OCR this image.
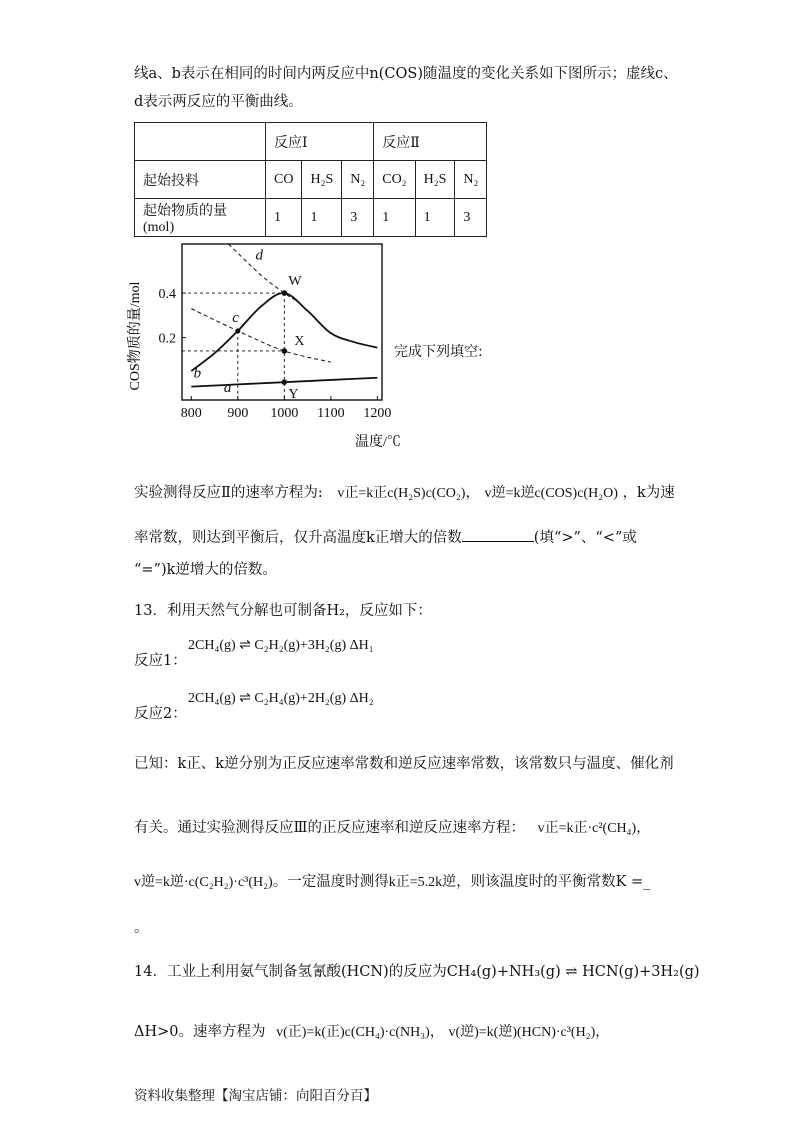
线a、b表示在相同的时间内两反应中n(COS)随温度的变化关系如下图所示；虚线c、
d表示两反应的平衡曲线。
	反应Ⅰ			反应Ⅱ		
起始投料	CO	H₂S	N₂	CO₂	H₂S	N₂
起始物质的量(mol)	1	1	3	1	1	3
800 900 1000 1100 1200
0.2
0.4
a
b
c
d
W
X
Y
温度/℃
COS物质的量/mol	完成下列填空:
实验测得反应Ⅱ的速率方程为: v正=k正c(H₂S)c(CO₂)， v逆=k逆c(COS)c(H₂O) ，k为速
率常数，则达到平衡后，仅升高温度k正增大的倍数	(填“>”、“<”或
“=”)k逆增大的倍数。
13．利用天然气分解也可制备H₂，反应如下：
2CH₄(g) ⇌ C₂H₂(g)+3H₂(g) ΔH₁
反应1：
2CH₄(g) ⇌ C₂H₄(g)+2H₂(g) ΔH₂
反应2：
已知：k正、k逆分别为正反应速率常数和逆反应速率常数，该常数只与温度、催化剂
有关。通过实验测得反应Ⅲ的正反应速率和逆反应速率方程： v正=k正·c²(CH₄)，
v逆=k逆·c(C₂H₂)·c³(H₂)。一定温度时测得k正=5.2k逆，则该温度时的平衡常数K =_
。
14．工业上利用氨气制备氢氰酸(HCN)的反应为CH₄(g)+NH₃(g) ⇌ HCN(g)+3H₂(g)
ΔH>0。速率方程为 v(正)=k(正)c(CH₄)·c(NH₃)， v(逆)=k(逆)(HCN)·c³(H₂)，
资料收集整理【淘宝店铺：向阳百分百】
